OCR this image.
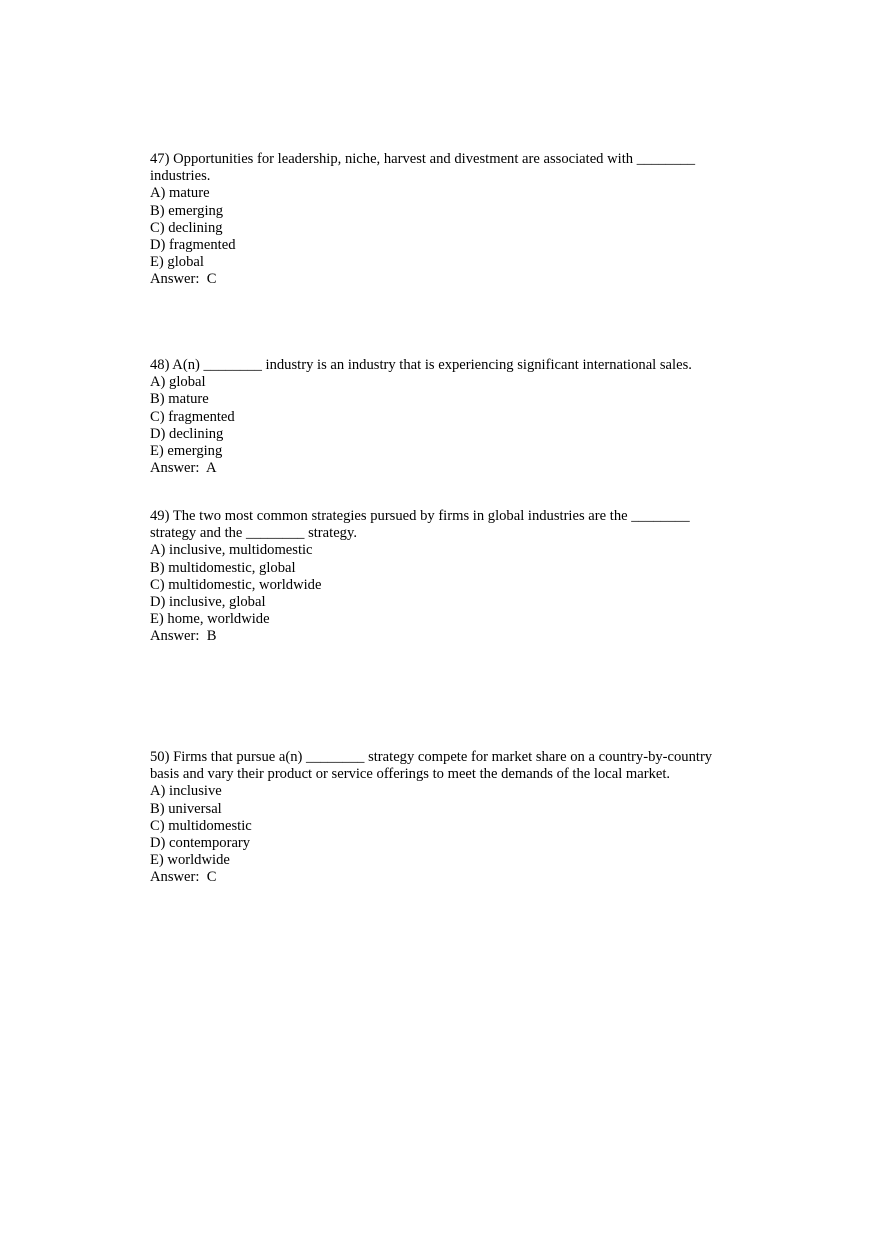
47) Opportunities for leadership, niche, harvest and divestment are associated with ________
industries.
A) mature
B) emerging
C) declining
D) fragmented
E) global
Answer:  C
48) A(n) ________ industry is an industry that is experiencing significant international sales.
A) global
B) mature
C) fragmented
D) declining
E) emerging
Answer:  A
49) The two most common strategies pursued by firms in global industries are the ________
strategy and the ________ strategy.
A) inclusive, multidomestic
B) multidomestic, global
C) multidomestic, worldwide
D) inclusive, global
E) home, worldwide
Answer:  B
50) Firms that pursue a(n) ________ strategy compete for market share on a country-by-country
basis and vary their product or service offerings to meet the demands of the local market.
A) inclusive
B) universal
C) multidomestic
D) contemporary
E) worldwide
Answer:  C
